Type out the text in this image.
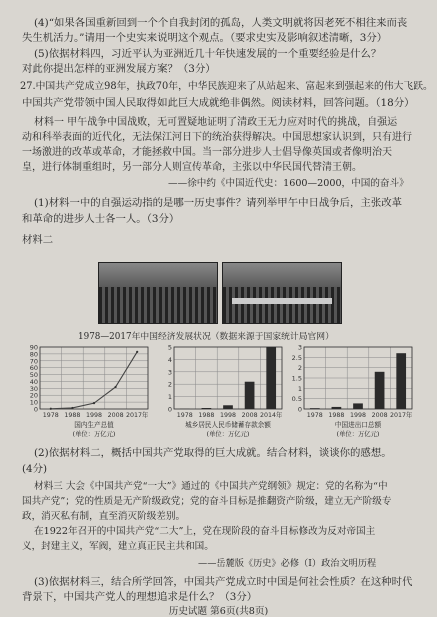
(4)“如果各国重新回到一个个自我封闭的孤岛，人类文明就将因老死不相往来而丧
失生机活力。”请用一个史实来说明这个观点。（要求史实及影响叙述清晰，3分）
(5)依据材料四，习近平认为亚洲近几十年快速发展的一个重要经验是什么？
对此你提出怎样的亚洲发展方案？（3分）
27.中国共产党成立98年，执政70年，中华民族迎来了从站起来、富起来到强起来的伟大飞跃。
中国共产党带领中国人民取得如此巨大成就绝非偶然。阅读材料，回答问题。（18分）
材料一 甲午战争中国战败，无可置疑地证明了清政王无力应对时代的挑战，自强运
动和科举表面的近代化，无法保江河日下的统治获得解决。中国思想家认识到，只有进行
一场激进的改革或革命，才能拯救中国。当一部分进步人士倡导像英国或者像明治天
皇，进行体制重组时，另一部分人则宣传革命，主张以中华民国代替清王朝。
——徐中约《中国近代史：1600—2000，中国的奋斗》
(1)材料一中的自强运动指的是哪一历史事件？请列举甲午中日战争后，主张改革
和革命的进步人士各一人。（3分）
材料二
1978—2017年中国经济发展状况（数据来源于国家统计局官网）
0
10
20
30
40
50
60
70
80
90
1978 1988 1998 2008 2017年
国内生产总值
(单位：万亿元)
0
1
2
3
4
5
1978 1988 1998 2008 2014年
城乡居民人民币储蓄存款余额
(单位：万亿元)
0
0.5
1
1.5
2
2.5
3
1978 1988 1998 2008 2017年
中国进出口总额
(单位：万亿元)
(2)依据材料二，概括中国共产党取得的巨大成就。结合材料，谈谈你的感想。
(4分)
材料三 大会《中国共产党“一大”》通过的《中国共产党纲领》规定：党的名称为“中
国共产党”；党的性质是无产阶级政党；党的奋斗目标是推翻资产阶级，建立无产阶级专
政，消灭私有制，直至消灭阶级差别。
在1922年召开的中国共产党“二大”上，党在现阶段的奋斗目标修改为反对帝国主
义，封建主义，军阀，建立真正民主共和国。
——岳麓版《历史》必修（Ⅰ）政治文明历程
(3)依据材料三，结合所学回答，中国共产党成立时中国是何社会性质？在这种时代
背景下，中国共产党人的理想追求是什么？（3分）
历史试题 第6页(共8页)
